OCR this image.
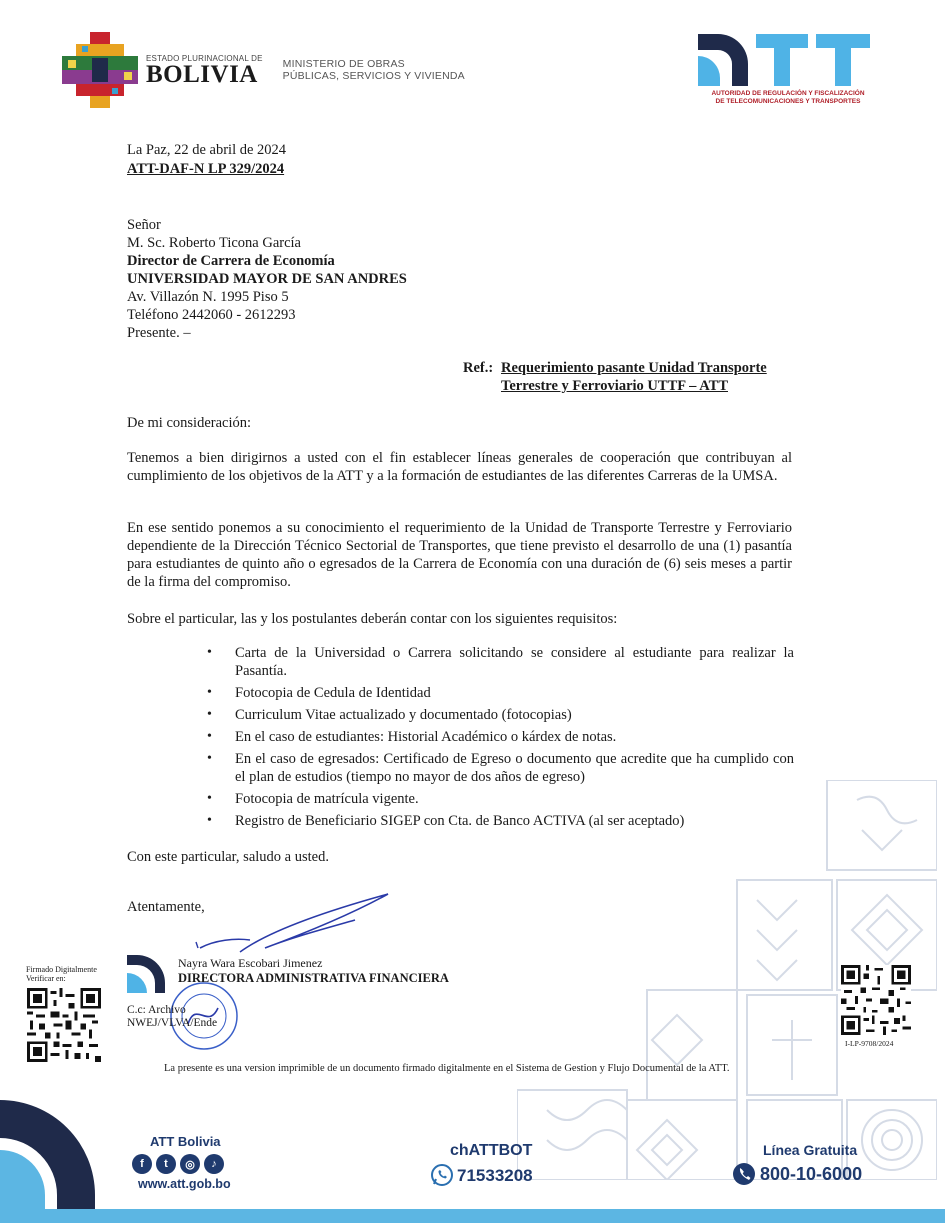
ESTADO PLURINACIONAL DE
BOLIVIA	MINISTERIO DE OBRAS
PÚBLICAS, SERVICIOS Y VIVIENDA
AUTORIDAD DE REGULACIÓN Y FISCALIZACIÓN
DE TELECOMUNICACIONES Y TRANSPORTES
La Paz, 22 de abril de 2024
ATT-DAF-N LP 329/2024
Señor
M. Sc. Roberto Ticona García
Director de Carrera de Economía
UNIVERSIDAD MAYOR DE SAN ANDRES
Av. Villazón N. 1995 Piso 5
Teléfono 2442060 - 2612293
Presente. –
Ref.: Requerimiento pasante Unidad Transporte
Terrestre y Ferroviario UTTF – ATT
De mi consideración:
Tenemos a bien dirigirnos a usted con el fin establecer líneas generales de cooperación que contribuyan al cumplimiento de los objetivos de la ATT y a la formación de estudiantes de las diferentes Carreras de la UMSA.
En ese sentido ponemos a su conocimiento el requerimiento de la Unidad de Transporte Terrestre y Ferroviario dependiente de la Dirección Técnico Sectorial de Transportes, que tiene previsto el desarrollo de una (1) pasantía para estudiantes de quinto año o egresados de la Carrera de Economía con una duración de (6) seis meses a partir de la firma del compromiso.
Sobre el particular, las y los postulantes deberán contar con los siguientes requisitos:
• Carta de la Universidad o Carrera solicitando se considere al estudiante para realizar la Pasantía.
• Fotocopia de Cedula de Identidad
• Curriculum Vitae actualizado y documentado (fotocopias)
• En el caso de estudiantes: Historial Académico o kárdex de notas.
• En el caso de egresados: Certificado de Egreso o documento que acredite que ha cumplido con el plan de estudios (tiempo no mayor de dos años de egreso)
• Fotocopia de matrícula vigente.
• Registro de Beneficiario SIGEP con Cta. de Banco ACTIVA (al ser aceptado)
Con este particular, saludo a usted.
Atentamente,
Nayra Wara Escobari Jimenez
DIRECTORA ADMINISTRATIVA FINANCIERA
C.c: Archivo
NWEJ/VLVA/Ende
Firmado Digitalmente
Verificar en:
I-LP-9708/2024
La presente es una version imprimible de un documento firmado digitalmente en el Sistema de Gestion y Flujo Documental de la ATT.
ATT Bolivia
f	t	◎	♪
www.att.gob.bo
chATTBOT
71533208
Línea Gratuita
800-10-6000
